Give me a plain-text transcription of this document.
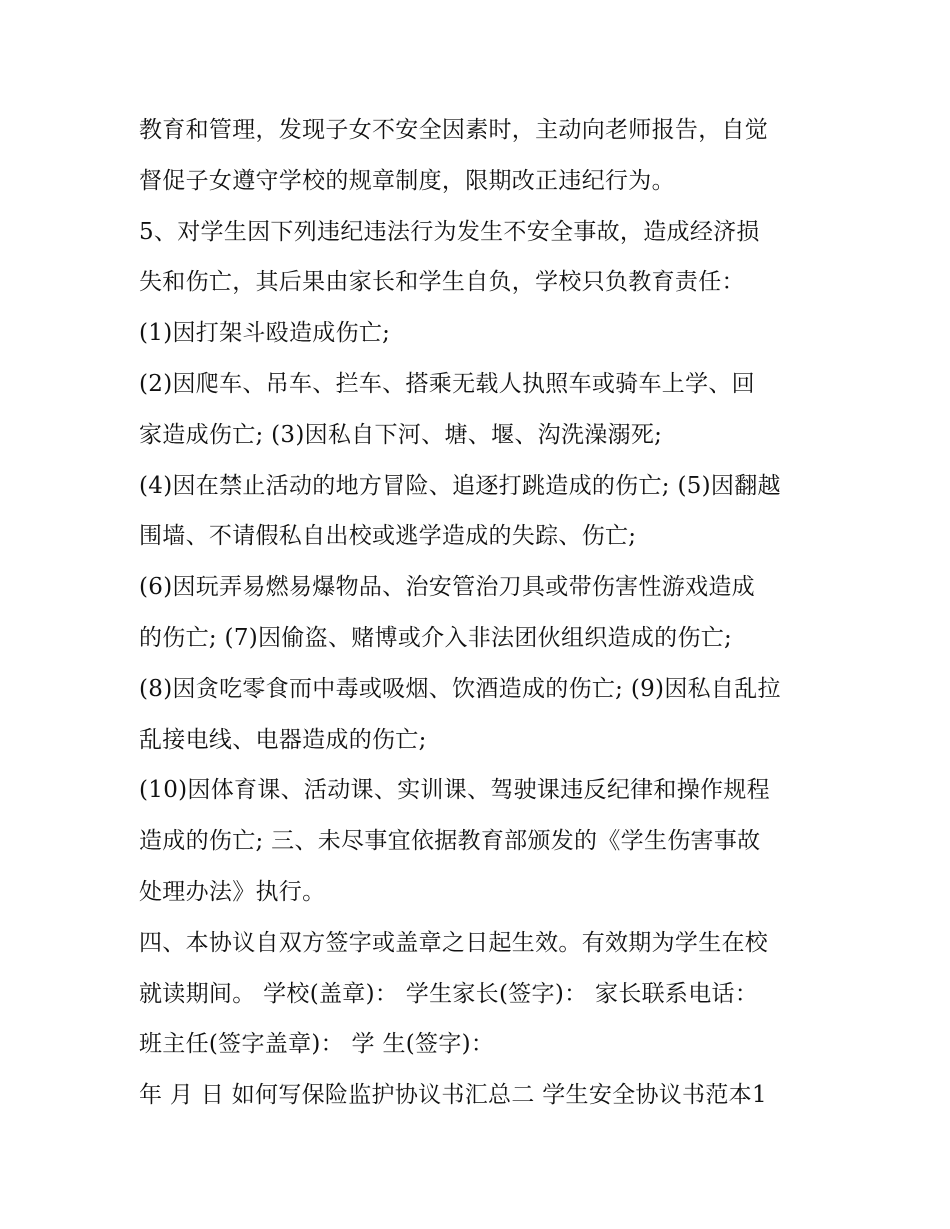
教育和管理，发现子女不安全因素时，主动向老师报告，自觉
督促子女遵守学校的规章制度，限期改正违纪行为。
5、对学生因下列违纪违法行为发生不安全事故，造成经济损
失和伤亡，其后果由家长和学生自负，学校只负教育责任：
(1)因打架斗殴造成伤亡;
(2)因爬车、吊车、拦车、搭乘无载人执照车或骑车上学、回
家造成伤亡; (3)因私自下河、塘、堰、沟洗澡溺死;
(4)因在禁止活动的地方冒险、追逐打跳造成的伤亡; (5)因翻越
围墙、不请假私自出校或逃学造成的失踪、伤亡;
(6)因玩弄易燃易爆物品、治安管治刀具或带伤害性游戏造成
的伤亡; (7)因偷盗、赌博或介入非法团伙组织造成的伤亡;
(8)因贪吃零食而中毒或吸烟、饮酒造成的伤亡; (9)因私自乱拉
乱接电线、电器造成的伤亡;
(10)因体育课、活动课、实训课、驾驶课违反纪律和操作规程
造成的伤亡; 三、未尽事宜依据教育部颁发的《学生伤害事故
处理办法》执行。
四、本协议自双方签字或盖章之日起生效。有效期为学生在校
就读期间。 学校(盖章)： 学生家长(签字)： 家长联系电话：
班主任(签字盖章)： 学 生(签字)：
年 月 日 如何写保险监护协议书汇总二 学生安全协议书范本1
